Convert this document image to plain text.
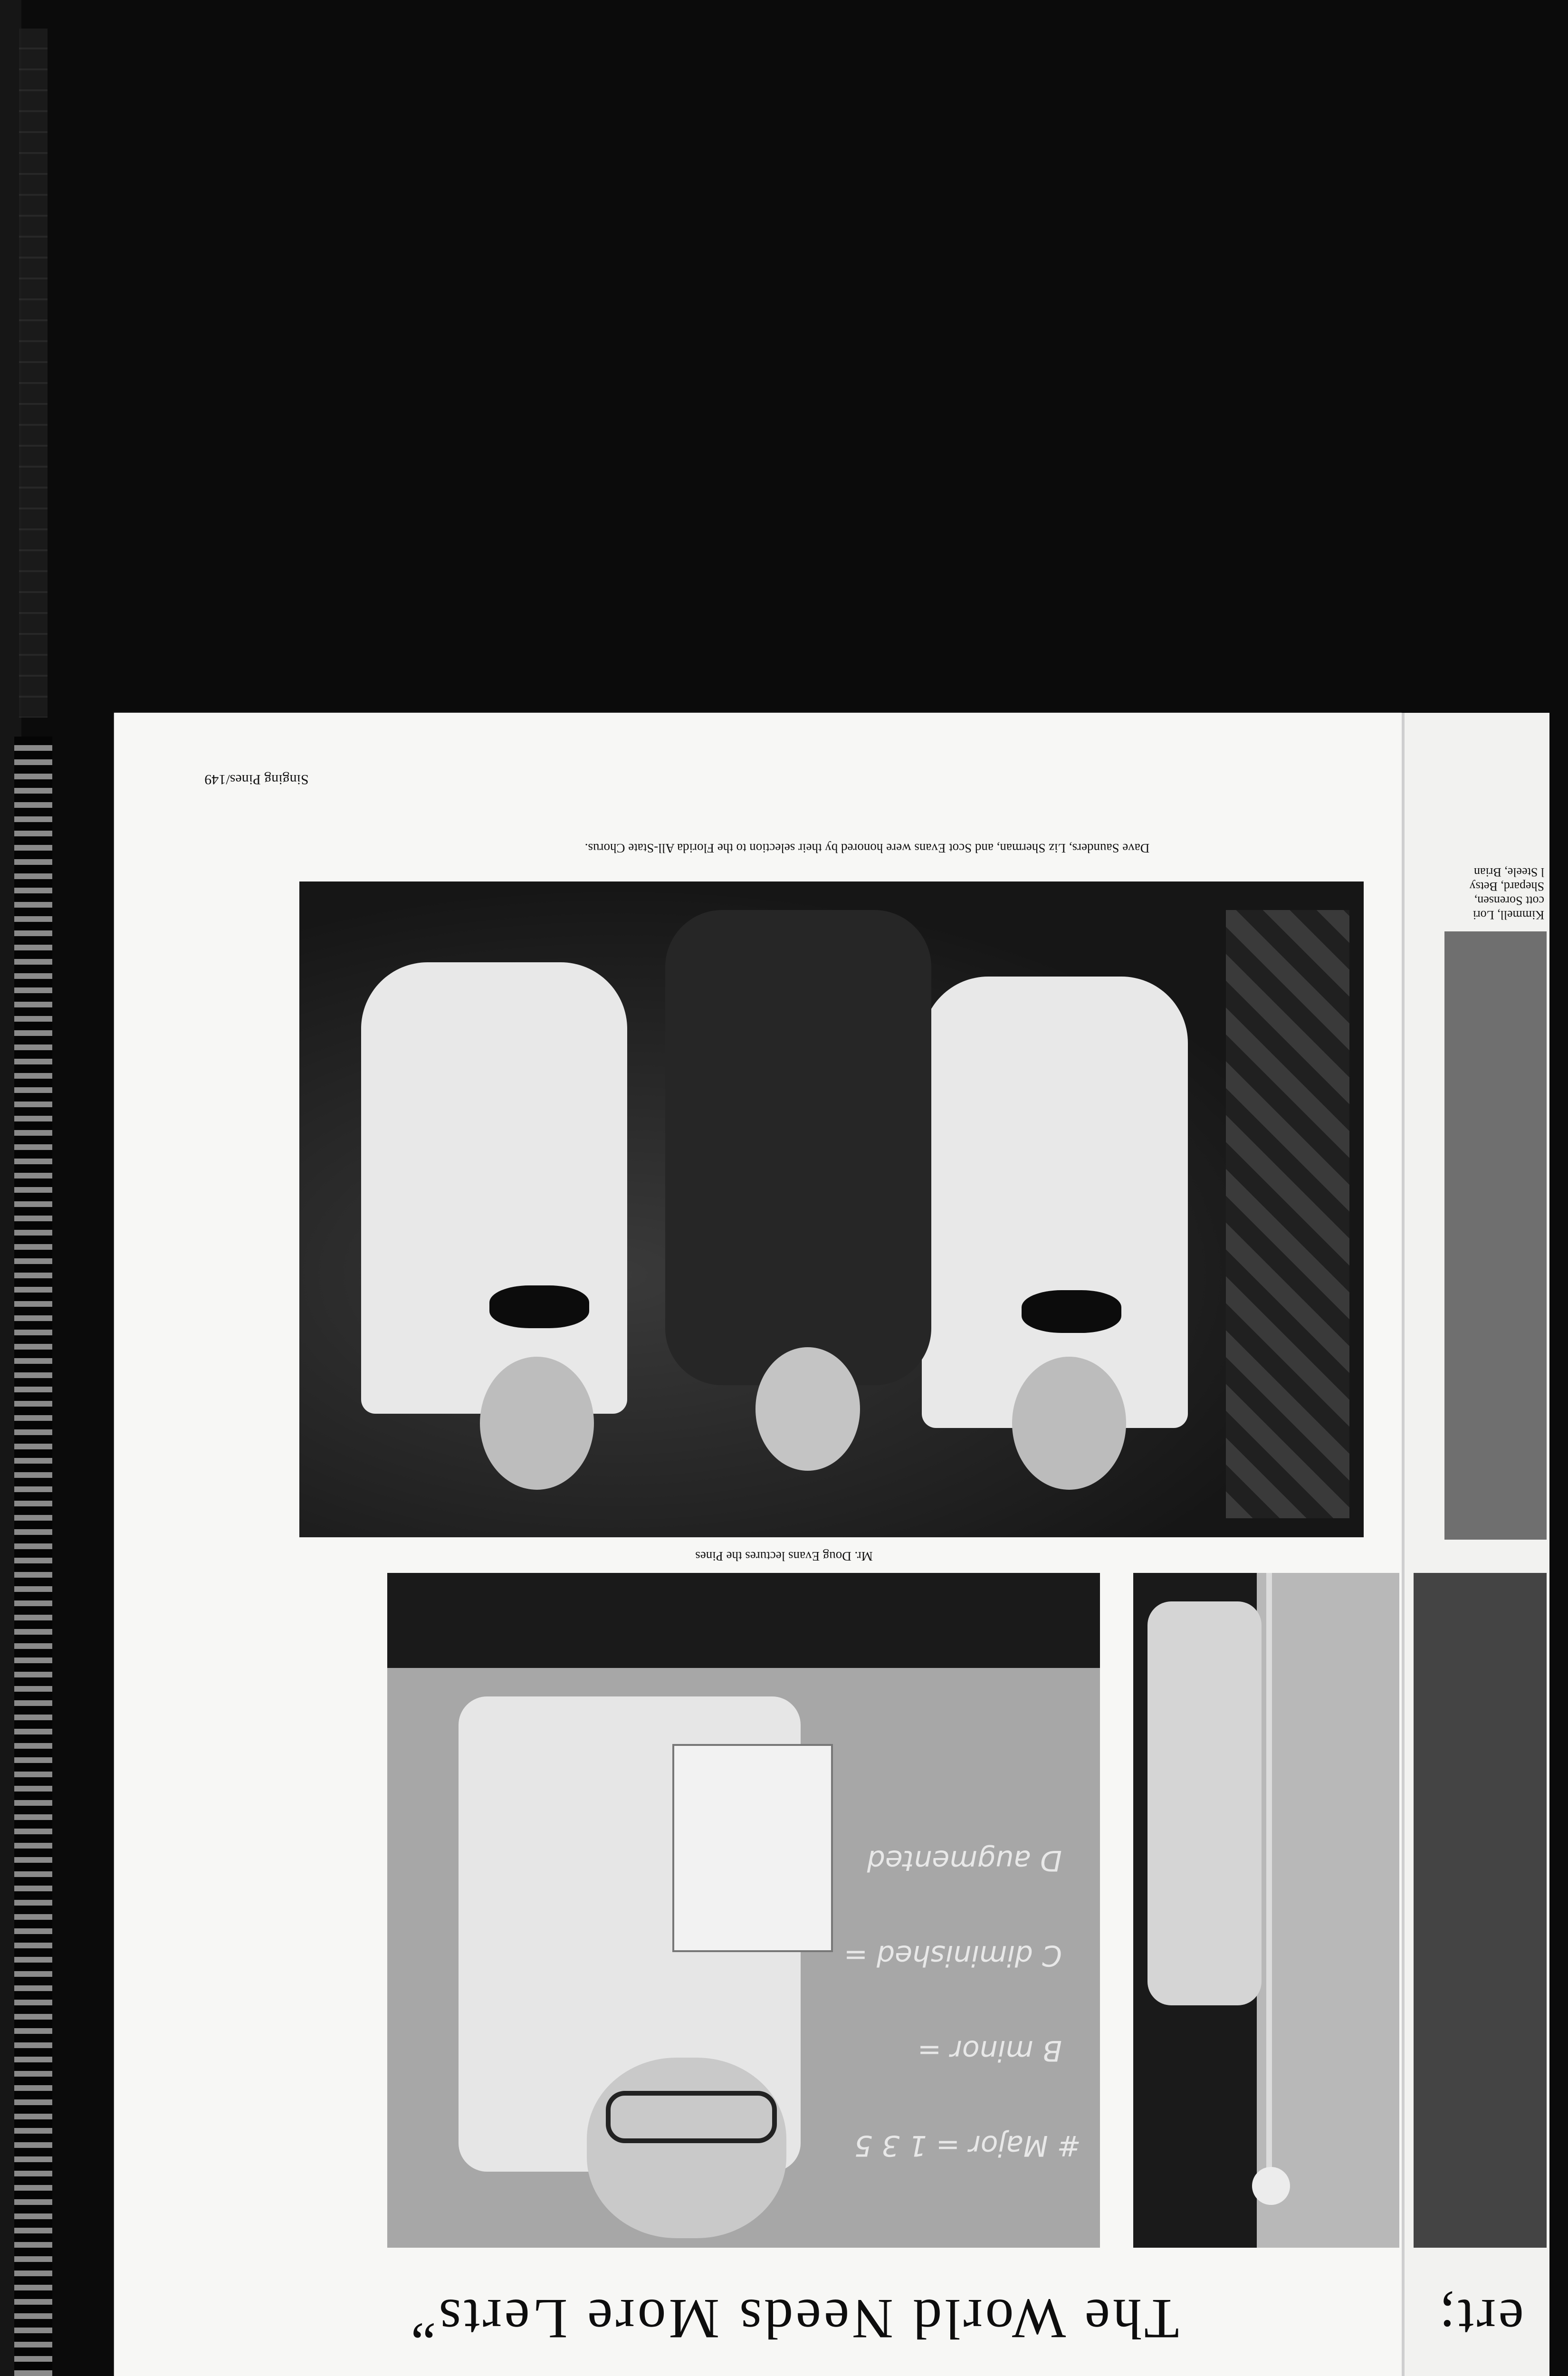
Singing Pines/149
Dave Saunders, Liz Sherman, and Scot Evans were honored by their selection to the Florida All-State Chorus.
Mr. Doug Evans lectures the Pines
# Major = 1 3 5
B minor =
C diminished =
D augmented
Kimmell, Lori
cott Sorensen,
Shepard, Betsy
l Steele, Brian
The World Needs More Lerts”	ert;
